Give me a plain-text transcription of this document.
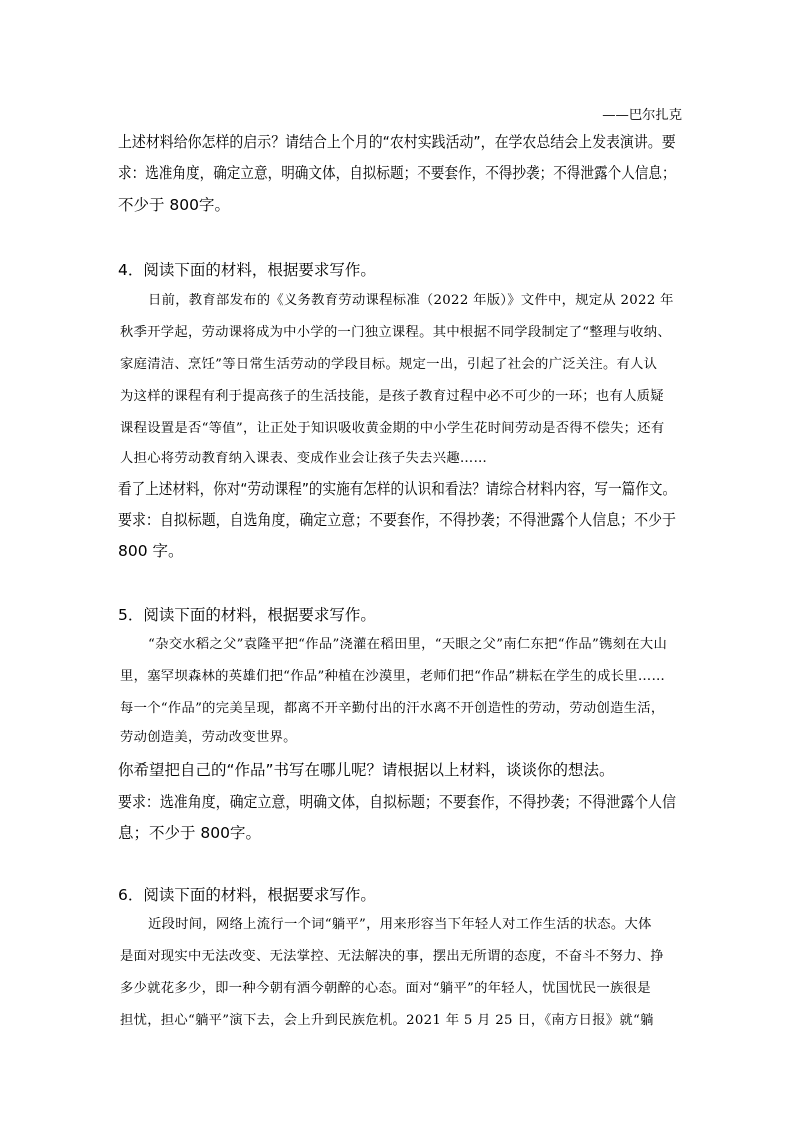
——巴尔扎克
上述材料给你怎样的启示？请结合上个月的“农村实践活动”，在学农总结会上发表演讲。要
求：选准角度，确定立意，明确文体，自拟标题；不要套作，不得抄袭；不得泄露个人信息；
不少于 800字。
4．阅读下面的材料，根据要求写作。
日前，教育部发布的《义务教育劳动课程标准（2022 年版）》文件中，规定从 2022 年
秋季开学起，劳动课将成为中小学的一门独立课程。其中根据不同学段制定了“整理与收纳、
家庭清洁、烹饪”等日常生活劳动的学段目标。规定一出，引起了社会的广泛关注。有人认
为这样的课程有利于提高孩子的生活技能，是孩子教育过程中必不可少的一环；也有人质疑
课程设置是否“等值”，让正处于知识吸收黄金期的中小学生花时间劳动是否得不偿失；还有
人担心将劳动教育纳入课表、变成作业会让孩子失去兴趣……
看了上述材料，你对“劳动课程”的实施有怎样的认识和看法？请综合材料内容，写一篇作文。
要求：自拟标题，自选角度，确定立意；不要套作，不得抄袭；不得泄露个人信息；不少于
800 字。
5．阅读下面的材料，根据要求写作。
“杂交水稻之父”袁隆平把“作品”浇灌在稻田里，“天眼之父”南仁东把“作品”镌刻在大山
里，塞罕坝森林的英雄们把“作品”种植在沙漠里，老师们把“作品”耕耘在学生的成长里……
每一个“作品”的完美呈现，都离不开辛勤付出的汗水离不开创造性的劳动，劳动创造生活，
劳动创造美，劳动改变世界。
你希望把自己的“作品”书写在哪儿呢？请根据以上材料，谈谈你的想法。
要求：选准角度，确定立意，明确文体，自拟标题；不要套作，不得抄袭；不得泄露个人信
息；不少于 800字。
6．阅读下面的材料，根据要求写作。
近段时间，网络上流行一个词“躺平”，用来形容当下年轻人对工作生活的状态。大体
是面对现实中无法改变、无法掌控、无法解决的事，摆出无所谓的态度，不奋斗不努力、挣
多少就花多少，即一种今朝有酒今朝醉的心态。面对“躺平”的年轻人，忧国忧民一族很是
担忧，担心“躺平”演下去，会上升到民族危机。2021 年 5 月 25 日，《南方日报》就“躺
